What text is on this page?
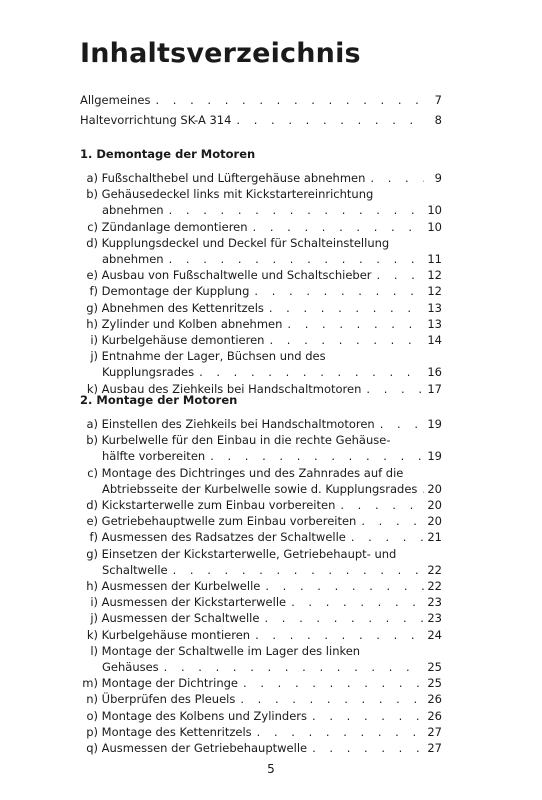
Inhaltsverzeichnis
Allgemeines . . .	7
Haltevorrichtung SK-A 314 . . .	8
1. Demontage der Motoren
a) Fußschalthebel und Lüftergehäuse abnehmen . . .	9
b) Gehäusedeckel links mit Kickstartereinrichtung
abnehmen . . .	10
c) Zündanlage demontieren . . .	10
d) Kupplungsdeckel und Deckel für Schalteinstellung
abnehmen . . .	11
e) Ausbau von Fußschaltwelle und Schaltschieber . . .	12
f) Demontage der Kupplung . . .	12
g) Abnehmen des Kettenritzels . . .	13
h) Zylinder und Kolben abnehmen . . .	13
i) Kurbelgehäuse demontieren . . .	14
j) Entnahme der Lager, Büchsen und des
Kupplungsrades . . .	16
k) Ausbau des Ziehkeils bei Handschaltmotoren . . .	17
2. Montage der Motoren
a) Einstellen des Ziehkeils bei Handschaltmotoren . . .	19
b) Kurbelwelle für den Einbau in die rechte Gehäuse-
hälfte vorbereiten . . .	19
c) Montage des Dichtringes und des Zahnrades auf die
Abtriebsseite der Kurbelwelle sowie d. Kupplungsrades . . . 20
d) Kickstarterwelle zum Einbau vorbereiten . . .	20
e) Getriebehauptwelle zum Einbau vorbereiten . . .	20
f) Ausmessen des Radsatzes der Schaltwelle . . .	21
g) Einsetzen der Kickstarterwelle, Getriebehaupt- und
Schaltwelle . . .	22
h) Ausmessen der Kurbelwelle . . .	22
i) Ausmessen der Kickstarterwelle . . .	23
j) Ausmessen der Schaltwelle . . .	23
k) Kurbelgehäuse montieren . . .	24
l) Montage der Schaltwelle im Lager des linken
Gehäuses . . .	25
m) Montage der Dichtringe . . .	25
n) Überprüfen des Pleuels . . .	26
o) Montage des Kolbens und Zylinders . . .	26
p) Montage des Kettenritzels . . .	27
q) Ausmessen der Getriebehauptwelle . . .	27
5
